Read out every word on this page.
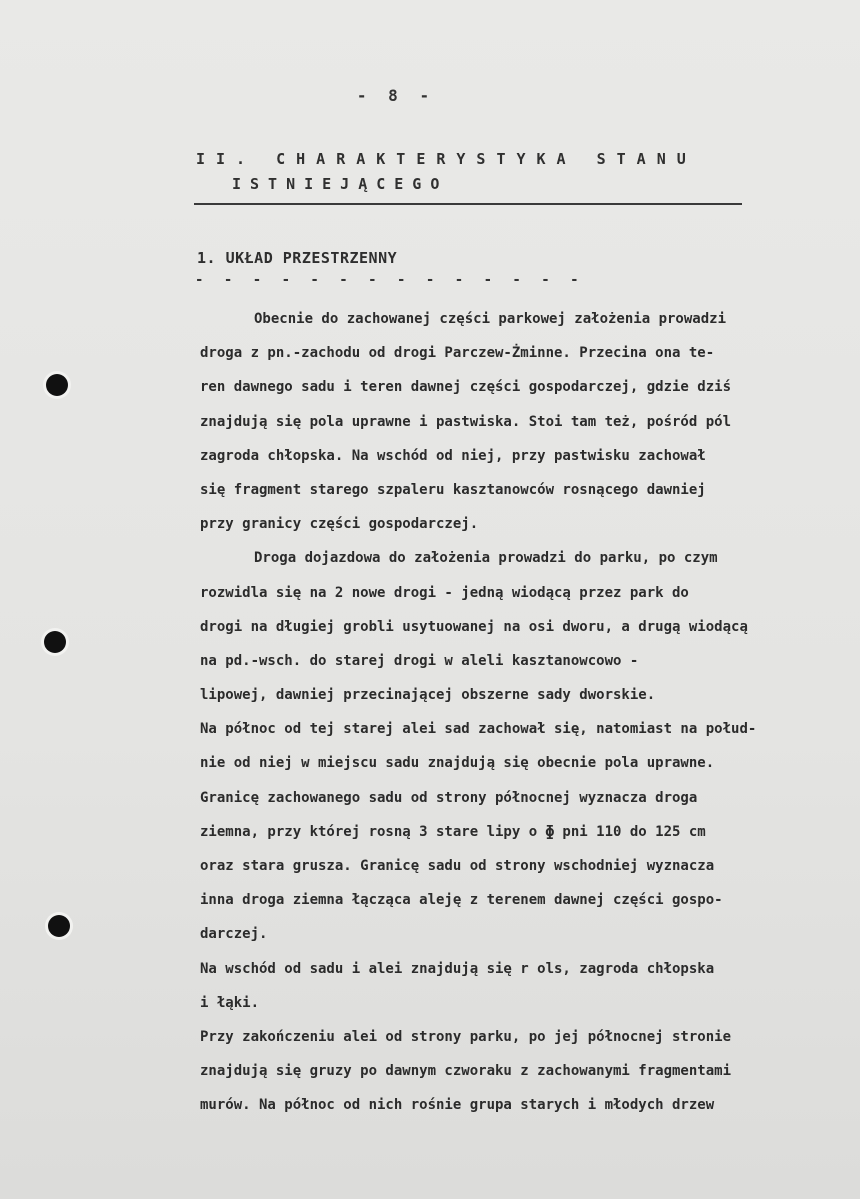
- 8 -
II. CHARAKTERYSTYKA STANU
ISTNIEJĄCEGO
1. UKŁAD PRZESTRZENNY
- - - - - - - - - - - - - -
Obecnie do zachowanej części parkowej założenia prowadzi
droga z pn.-zachodu od drogi Parczew-Żminne. Przecina ona te-
ren dawnego sadu i teren dawnej części gospodarczej, gdzie dziś
znajdują się pola uprawne i pastwiska. Stoi tam też, pośród pól
zagroda chłopska. Na wschód od niej, przy pastwisku zachował
się fragment starego szpaleru kasztanowców rosnącego dawniej
przy granicy części gospodarczej.
Droga dojazdowa do założenia prowadzi do parku, po czym
rozwidla się na 2 nowe drogi - jedną wiodącą przez park do
drogi na długiej grobli usytuowanej na osi dworu, a drugą wiodącą
na pd.-wsch. do starej drogi w aleli kasztanowcowo -
lipowej, dawniej przecinającej obszerne sady dworskie.
Na północ od tej starej alei sad zachował się, natomiast na połud-
nie od niej w miejscu sadu znajdują się obecnie pola uprawne.
Granicę zachowanego sadu od strony północnej wyznacza droga
ziemna, przy której rosną 3 stare lipy o ɸ pni 110 do 125 cm
oraz stara grusza. Granicę sadu od strony wschodniej wyznacza
inna droga ziemna łącząca aleję z terenem dawnej części gospo-
darczej.
Na wschód od sadu i alei znajdują się r ols, zagroda chłopska
i łąki.
Przy zakończeniu alei od strony parku, po jej północnej stronie
znajdują się gruzy po dawnym czworaku z zachowanymi fragmentami
murów. Na północ od nich rośnie grupa starych i młodych drzew
